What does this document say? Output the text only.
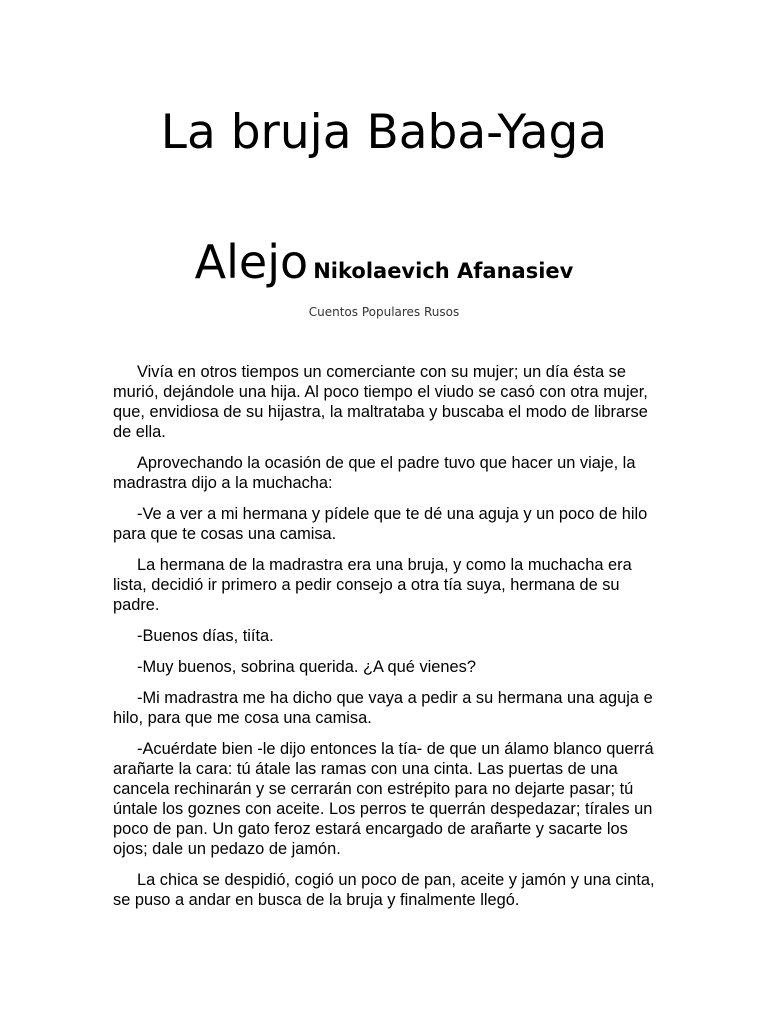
La bruja Baba-Yaga
Alejo Nikolaevich Afanasiev
Cuentos Populares Rusos

Vivía en otros tiempos un comerciante con su mujer; un día ésta se murió, dejándole una hija. Al poco tiempo el viudo se casó con otra mujer, que, envidiosa de su hijastra, la maltrataba y buscaba el modo de librarse de ella.

Aprovechando la ocasión de que el padre tuvo que hacer un viaje, la madrastra dijo a la muchacha:

-Ve a ver a mi hermana y pídele que te dé una aguja y un poco de hilo para que te cosas una camisa.

La hermana de la madrastra era una bruja, y como la muchacha era lista, decidió ir primero a pedir consejo a otra tía suya, hermana de su padre.

-Buenos días, tiíta.

-Muy buenos, sobrina querida. ¿A qué vienes?

-Mi madrastra me ha dicho que vaya a pedir a su hermana una aguja e hilo, para que me cosa una camisa.

-Acuérdate bien -le dijo entonces la tía- de que un álamo blanco querrá arañarte la cara: tú átale las ramas con una cinta. Las puertas de una cancela rechinarán y se cerrarán con estrépito para no dejarte pasar; tú úntale los goznes con aceite. Los perros te querrán despedazar; tírales un poco de pan. Un gato feroz estará encargado de arañarte y sacarte los ojos; dale un pedazo de jamón.

La chica se despidió, cogió un poco de pan, aceite y jamón y una cinta, se puso a andar en busca de la bruja y finalmente llegó.
